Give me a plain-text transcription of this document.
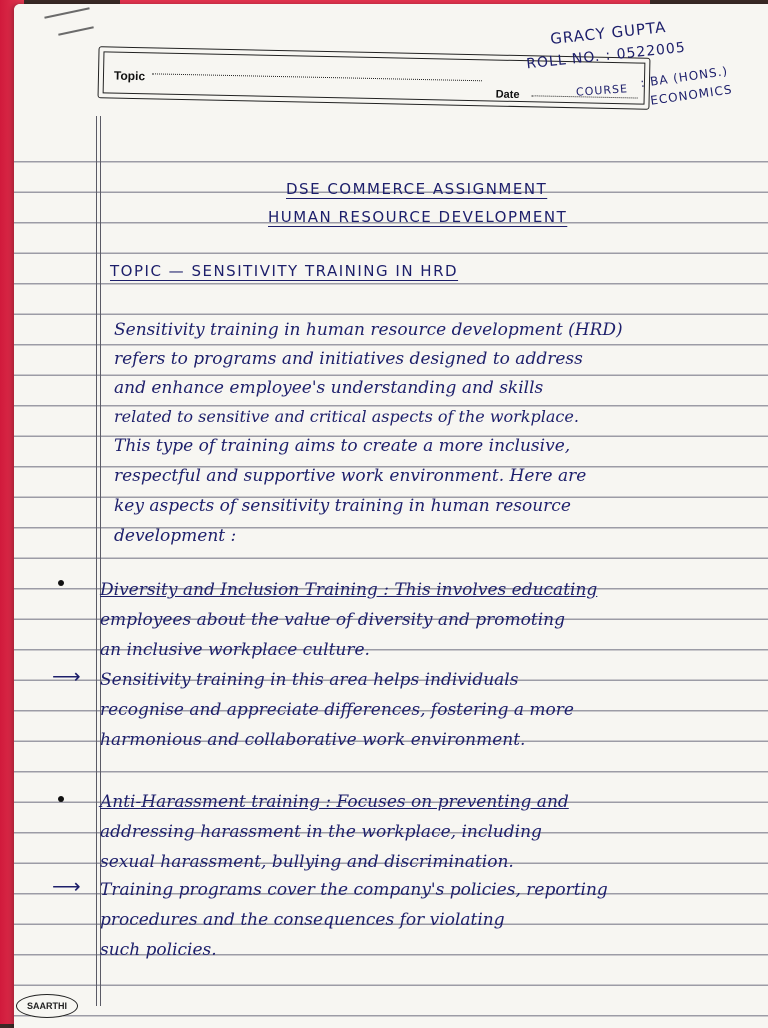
Topic
Date
GRACY GUPTA
ROLL NO. : 0522005
COURSE
: BA (HONS.)
ECONOMICS
DSE COMMERCE ASSIGNMENT
HUMAN RESOURCE DEVELOPMENT
TOPIC — SENSITIVITY TRAINING IN HRD
Sensitivity training in human resource development (HRD)
refers to programs and initiatives designed to address
and enhance employee's understanding and skills
related to sensitive and critical aspects of the workplace.
This type of training aims to create a more inclusive,
respectful and supportive work environment. Here are
key aspects of sensitivity training in human resource
development :
Diversity and Inclusion Training : This involves educating
employees about the value of diversity and promoting
an inclusive workplace culture.
⟶ Sensitivity training in this area helps individuals
recognise and appreciate differences, fostering a more
harmonious and collaborative work environment.
Anti-Harassment training : Focuses on preventing and
addressing harassment in the workplace, including
sexual harassment, bullying and discrimination.
⟶ Training programs cover the company's policies, reporting
procedures and the consequences for violating
such policies.
SAARTHI
